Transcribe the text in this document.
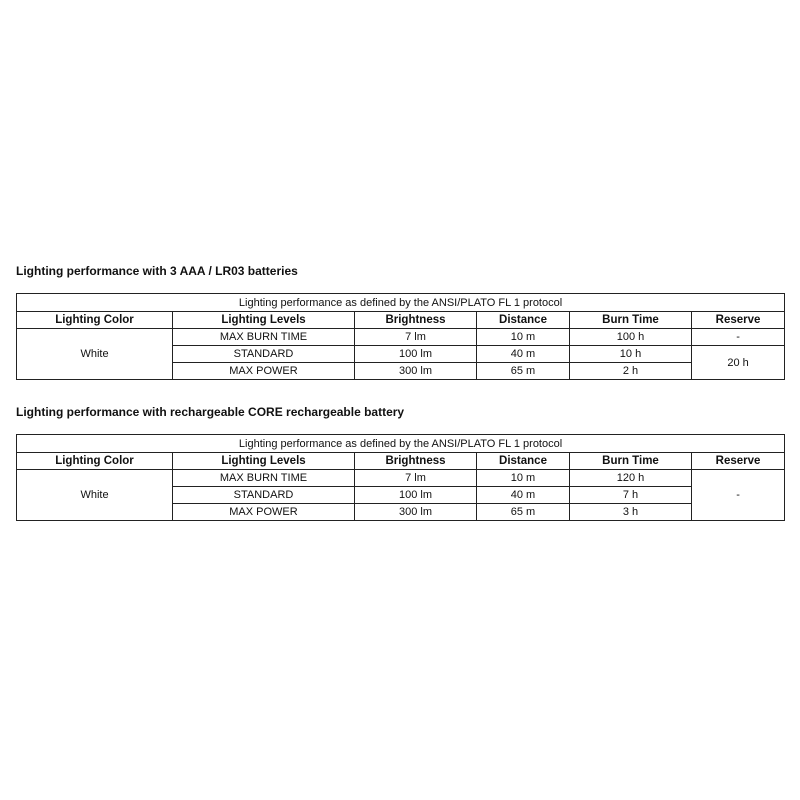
Lighting performance with 3 AAA / LR03 batteries
Lighting performance as defined by the ANSI/PLATO FL 1 protocol					
Lighting Color	Lighting Levels	Brightness	Distance	Burn Time	Reserve
White	MAX BURN TIME	7 lm	10 m	100 h	-
	STANDARD	100 lm	40 m	10 h	20 h
	MAX POWER	300 lm	65 m	2 h	
Lighting performance with rechargeable CORE rechargeable battery
Lighting performance as defined by the ANSI/PLATO FL 1 protocol					
Lighting Color	Lighting Levels	Brightness	Distance	Burn Time	Reserve
White	MAX BURN TIME	7 lm	10 m	120 h	-
	STANDARD	100 lm	40 m	7 h	
	MAX POWER	300 lm	65 m	3 h	
